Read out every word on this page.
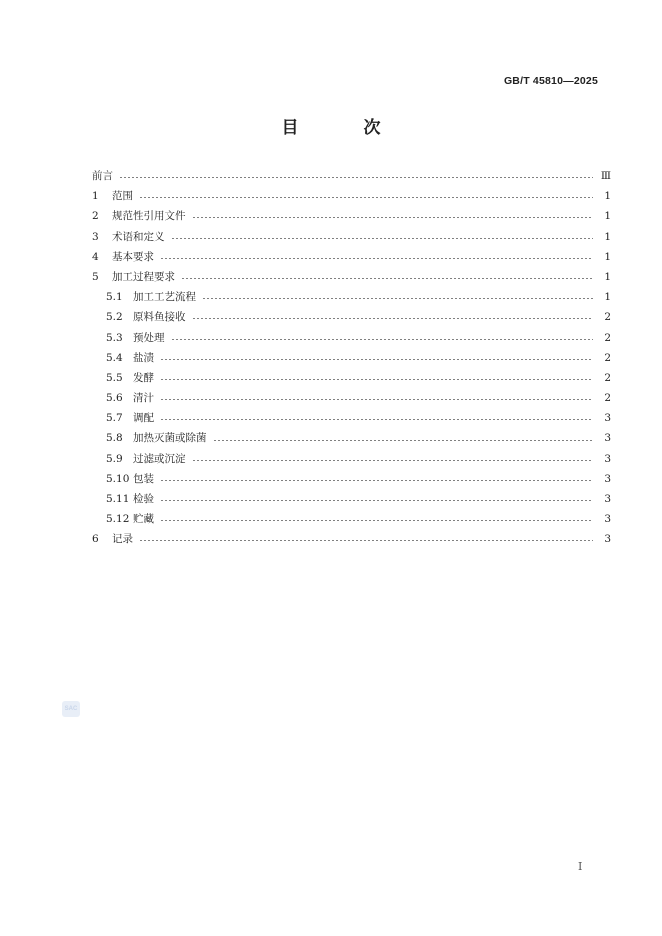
GB/T 45810—2025
目　次
前言	Ⅲ
1	范围	1
2	规范性引用文件	1
3	术语和定义	1
4	基本要求	1
5	加工过程要求	1
5.1 加工工艺流程	1
5.2 原料鱼接收	2
5.3 预处理	2
5.4 盐渍	2
5.5 发酵	2
5.6 清汁	2
5.7 调配	3
5.8 加热灭菌或除菌	3
5.9 过滤或沉淀	3
5.10 包装	3
5.11 检验	3
5.12 贮藏	3
6	记录	3
SAC
I
